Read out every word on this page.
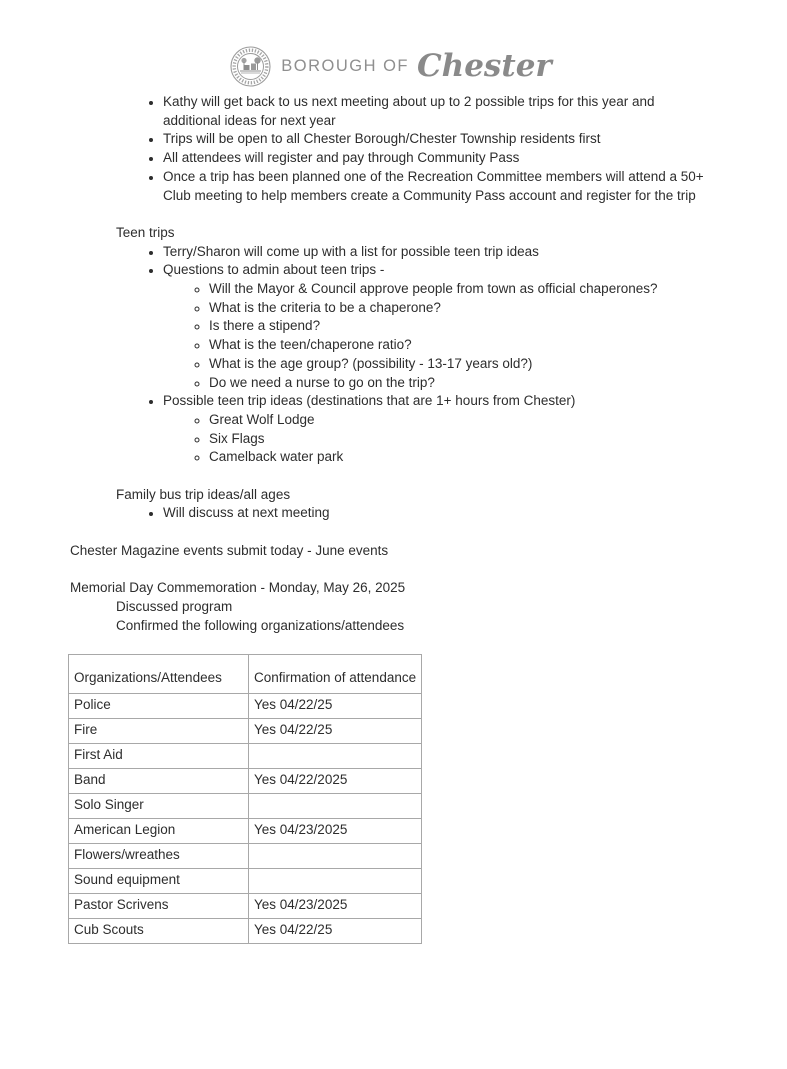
BOROUGH OF Chester
• Kathy will get back to us next meeting about up to 2 possible trips for this year and additional ideas for next year
• Trips will be open to all Chester Borough/Chester Township residents first
• All attendees will register and pay through Community Pass
• Once a trip has been planned one of the Recreation Committee members will attend a 50+ Club meeting to help members create a Community Pass account and register for the trip
Teen trips
• Terry/Sharon will come up with a list for possible teen trip ideas
• Questions to admin about teen trips -
◦ Will the Mayor & Council approve people from town as official chaperones?
◦ What is the criteria to be a chaperone?
◦ Is there a stipend?
◦ What is the teen/chaperone ratio?
◦ What is the age group? (possibility - 13-17 years old?)
◦ Do we need a nurse to go on the trip?
• Possible teen trip ideas (destinations that are 1+ hours from Chester)
◦ Great Wolf Lodge
◦ Six Flags
◦ Camelback water park
Family bus trip ideas/all ages
• Will discuss at next meeting
Chester Magazine events submit today - June events
Memorial Day Commemoration - Monday, May 26, 2025
Discussed program
Confirmed the following organizations/attendees
Organizations/Attendees	Confirmation of attendance
Police	Yes 04/22/25
Fire	Yes 04/22/25
First Aid	
Band	Yes 04/22/2025
Solo Singer	
American Legion	Yes 04/23/2025
Flowers/wreathes	
Sound equipment	
Pastor Scrivens	Yes 04/23/2025
Cub Scouts	Yes 04/22/25
